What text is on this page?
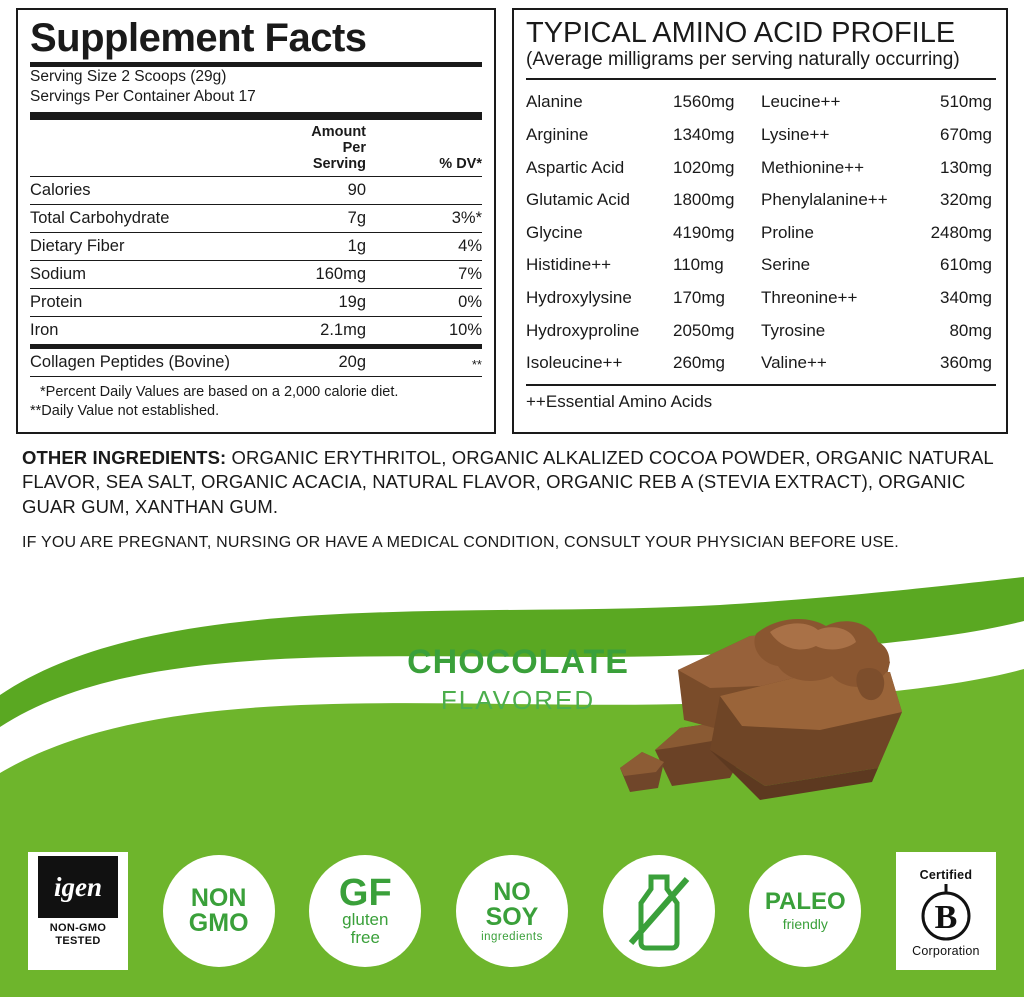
Supplement Facts
Serving Size 2 Scoops (29g)
Servings Per Container About 17
	Amount Per Serving	% DV*
Calories	90	
Total Carbohydrate	7g	3%*
Dietary Fiber	1g	4%
Sodium	160mg	7%
Protein	19g	0%
Iron	2.1mg	10%
Collagen Peptides (Bovine)	20g	**
*Percent Daily Values are based on a 2,000 calorie diet.
**Daily Value not established.
TYPICAL AMINO ACID PROFILE
(Average milligrams per serving naturally occurring)
Alanine	1560mg
Arginine	1340mg
Aspartic Acid	1020mg
Glutamic Acid	1800mg
Glycine	4190mg
Histidine++	110mg
Hydroxylysine	170mg
Hydroxyproline	2050mg
Isoleucine++	260mg
Leucine++	510mg
Lysine++	670mg
Methionine++	130mg
Phenylalanine++	320mg
Proline	2480mg
Serine	610mg
Threonine++	340mg
Tyrosine	80mg
Valine++	360mg
++Essential Amino Acids
OTHER INGREDIENTS: ORGANIC ERYTHRITOL, ORGANIC ALKALIZED COCOA POWDER, ORGANIC NATURAL FLAVOR, SEA SALT, ORGANIC ACACIA, NATURAL FLAVOR, ORGANIC REB A (STEVIA EXTRACT), ORGANIC GUAR GUM, XANTHAN GUM.
IF YOU ARE PREGNANT, NURSING OR HAVE A MEDICAL CONDITION, CONSULT YOUR PHYSICIAN BEFORE USE.
CHOCOLATE
FLAVORED
igen
NON-GMO
TESTED
NON
GMO
GF
gluten
free
NO
SOY
ingredients
PALEO
friendly
Certified
B
Corporation
